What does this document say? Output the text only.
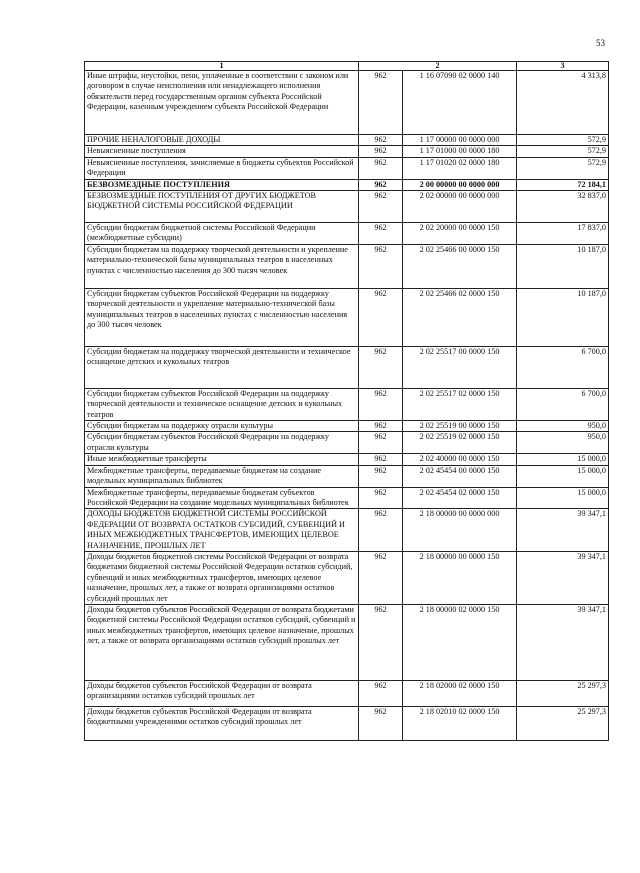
53
1	2		3
Иные штрафы, неустойки, пени, уплаченные в соответствии с законом или договором в случае неисполнения или ненадлежащего исполнения обязательств перед государственным органом субъекта Российской Федерации, казенным учреждением субъекта Российской Федерации	962	1 16 07090 02 0000 140	4 313,8
ПРОЧИЕ НЕНАЛОГОВЫЕ ДОХОДЫ	962	1 17 00000 00 0000 000	572,9
Невыясненные поступления	962	1 17 01000 00 0000 180	572,9
Невыясненные поступления, зачисляемые в бюджеты субъектов Российской Федерации	962	1 17 01020 02 0000 180	572,9
БЕЗВОЗМЕЗДНЫЕ ПОСТУПЛЕНИЯ	962	2 00 00000 00 0000 000	72 184,1
БЕЗВОЗМЕЗДНЫЕ ПОСТУПЛЕНИЯ ОТ ДРУГИХ БЮДЖЕТОВ БЮДЖЕТНОЙ СИСТЕМЫ РОССИЙСКОЙ ФЕДЕРАЦИИ	962	2 02 00000 00 0000 000	32 837,0
Субсидии бюджетам бюджетной системы Российской Федерации (межбюджетные субсидии)	962	2 02 20000 00 0000 150	17 837,0
Субсидии бюджетам на поддержку творческой деятельности и укрепление материально-технической базы муниципальных театров в населенных пунктах с численностью населения до 300 тысяч человек	962	2 02 25466 00 0000 150	10 187,0
Субсидии бюджетам субъектов Российской Федерации на поддержку творческой деятельности и укрепление материально-технической базы муниципальных театров в населенных пунктах с численностью населения до 300 тысяч человек	962	2 02 25466 02 0000 150	10 187,0
Субсидии бюджетам на поддержку творческой деятельности и техническое оснащение детских и кукольных театров	962	2 02 25517 00 0000 150	6 700,0
Субсидии бюджетам субъектов Российской Федерации на поддержку творческой деятельности и техническое оснащение детских и кукольных театров	962	2 02 25517 02 0000 150	6 700,0
Субсидии бюджетам на поддержку отрасли культуры	962	2 02 25519 00 0000 150	950,0
Субсидии бюджетам субъектов Российской Федерации на поддержку отрасли культуры	962	2 02 25519 02 0000 150	950,0
Иные межбюджетные трансферты	962	2 02 40000 00 0000 150	15 000,0
Межбюджетные трансферты, передаваемые бюджетам на создание модельных муниципальных библиотек	962	2 02 45454 00 0000 150	15 000,0
Межбюджетные трансферты, передаваемые бюджетам субъектов Российской Федерации на создание модельных муниципальных библиотек	962	2 02 45454 02 0000 150	15 000,0
ДОХОДЫ БЮДЖЕТОВ БЮДЖЕТНОЙ СИСТЕМЫ РОССИЙСКОЙ ФЕДЕРАЦИИ ОТ ВОЗВРАТА ОСТАТКОВ СУБСИДИЙ, СУБВЕНЦИЙ И ИНЫХ МЕЖБЮДЖЕТНЫХ ТРАНСФЕРТОВ, ИМЕЮЩИХ ЦЕЛЕВОЕ НАЗНАЧЕНИЕ, ПРОШЛЫХ ЛЕТ	962	2 18 00000 00 0000 000	39 347,1
Доходы бюджетов бюджетной системы Российской Федерации от возврата бюджетами бюджетной системы Российской Федерации остатков субсидий, субвенций и иных межбюджетных трансфертов, имеющих целевое назначение, прошлых лет, а также от возврата организациями остатков субсидий прошлых лет	962	2 18 00000 00 0000 150	39 347,1
Доходы бюджетов субъектов Российской Федерации от возврата бюджетами бюджетной системы Российской Федерации остатков субсидий, субвенций и иных межбюджетных трансфертов, имеющих целевое назначение, прошлых лет, а также от возврата организациями остатков субсидий прошлых лет	962	2 18 00000 02 0000 150	39 347,1
Доходы бюджетов субъектов Российской Федерации от возврата организациями остатков субсидий прошлых лет	962	2 18 02000 02 0000 150	25 297,3
Доходы бюджетов субъектов Российской Федерации от возврата бюджетными учреждениями остатков субсидий прошлых лет	962	2 18 02010 02 0000 150	25 297,3
